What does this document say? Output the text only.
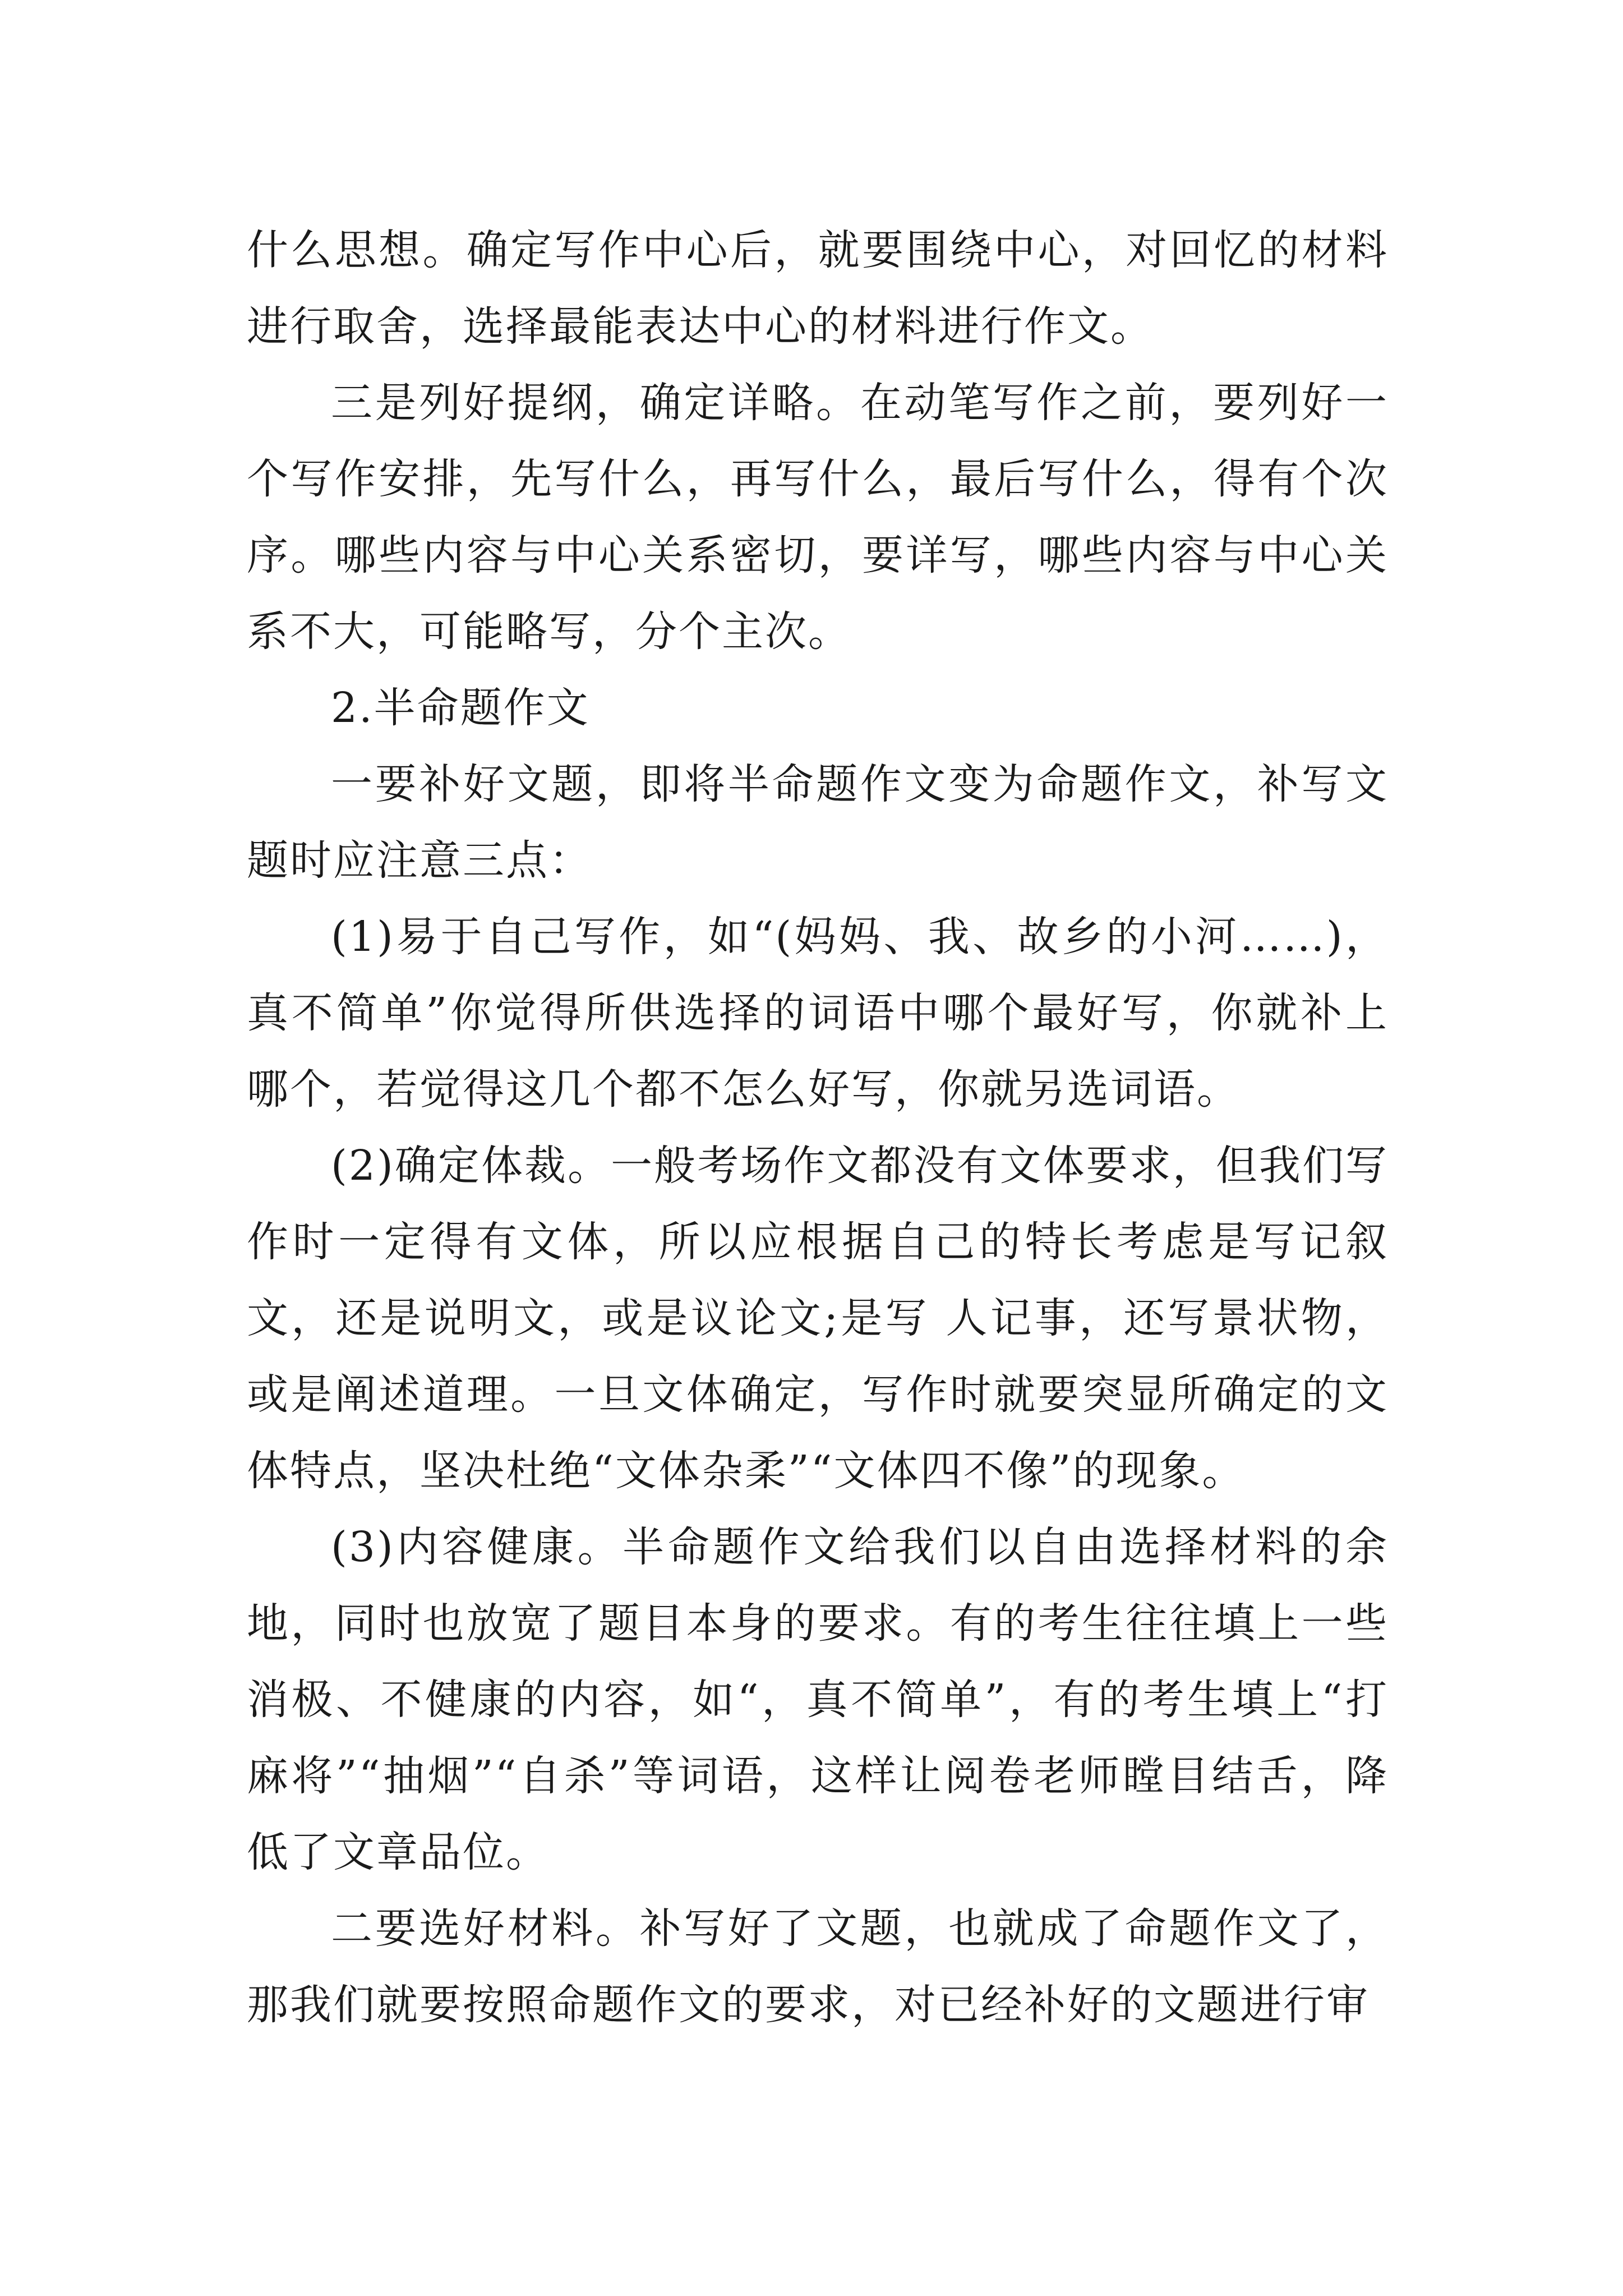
什么思想。确定写作中心后，就要围绕中心，对回忆的材料进行取舍，选择最能表达中心的材料进行作文。

三是列好提纲，确定详略。在动笔写作之前，要列好一个写作安排，先写什么，再写什么，最后写什么，得有个次序。哪些内容与中心关系密切，要详写，哪些内容与中心关系不大，可能略写，分个主次。

2.半命题作文

一要补好文题，即将半命题作文变为命题作文，补写文题时应注意三点：

(1)易于自己写作，如“(妈妈、我、故乡的小河……)，真不简单”你觉得所供选择的词语中哪个最好写，你就补上哪个，若觉得这几个都不怎么好写，你就另选词语。

(2)确定体裁。一般考场作文都没有文体要求，但我们写作时一定得有文体，所以应根据自己的特长考虑是写记叙文，还是说明文，或是议论文;是写 人记事，还写景状物，或是阐述道理。一旦文体确定，写作时就要突显所确定的文体特点，坚决杜绝“文体杂柔”“文体四不像”的现象。

(3)内容健康。半命题作文给我们以自由选择材料的余地，同时也放宽了题目本身的要求。有的考生往往填上一些消极、不健康的内容，如“，真不简单”，有的考生填上“打麻将”“抽烟”“自杀”等词语，这样让阅卷老师瞠目结舌，降低了文章品位。

二要选好材料。补写好了文题，也就成了命题作文了，那我们就要按照命题作文的要求，对已经补好的文题进行审
